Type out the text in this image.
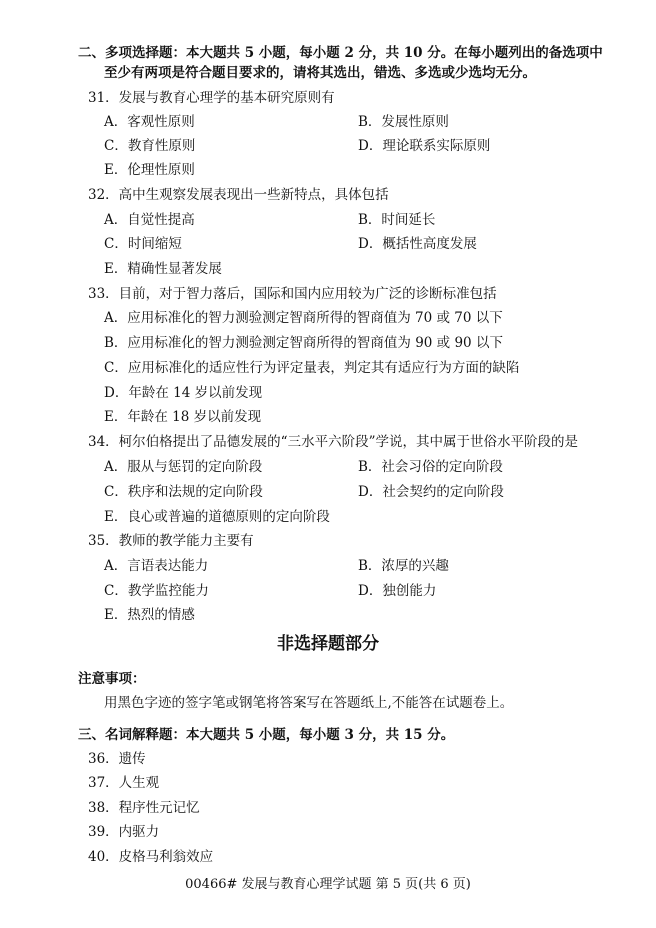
二、多项选择题：本大题共 5 小题，每小题 2 分，共 10 分。在每小题列出的备选项中
至少有两项是符合题目要求的，请将其选出，错选、多选或少选均无分。
31．发展与教育心理学的基本研究原则有
A．客观性原则	B．发展性原则
C．教育性原则	D．理论联系实际原则
E．伦理性原则
32．高中生观察发展表现出一些新特点，具体包括
A．自觉性提高	B．时间延长
C．时间缩短	D．概括性高度发展
E．精确性显著发展
33．目前，对于智力落后，国际和国内应用较为广泛的诊断标准包括
A．应用标准化的智力测验测定智商所得的智商值为 70 或 70 以下
B．应用标准化的智力测验测定智商所得的智商值为 90 或 90 以下
C．应用标准化的适应性行为评定量表，判定其有适应行为方面的缺陷
D．年龄在 14 岁以前发现
E．年龄在 18 岁以前发现
34．柯尔伯格提出了品德发展的“三水平六阶段”学说，其中属于世俗水平阶段的是
A．服从与惩罚的定向阶段	B．社会习俗的定向阶段
C．秩序和法规的定向阶段	D．社会契约的定向阶段
E．良心或普遍的道德原则的定向阶段
35．教师的教学能力主要有
A．言语表达能力	B．浓厚的兴趣
C．教学监控能力	D．独创能力
E．热烈的情感
非选择题部分
注意事项：
用黑色字迹的签字笔或钢笔将答案写在答题纸上,不能答在试题卷上。
三、名词解释题：本大题共 5 小题，每小题 3 分，共 15 分。
36．遗传
37．人生观
38．程序性元记忆
39．内驱力
40．皮格马利翁效应
00466# 发展与教育心理学试题 第 5 页(共 6 页)
